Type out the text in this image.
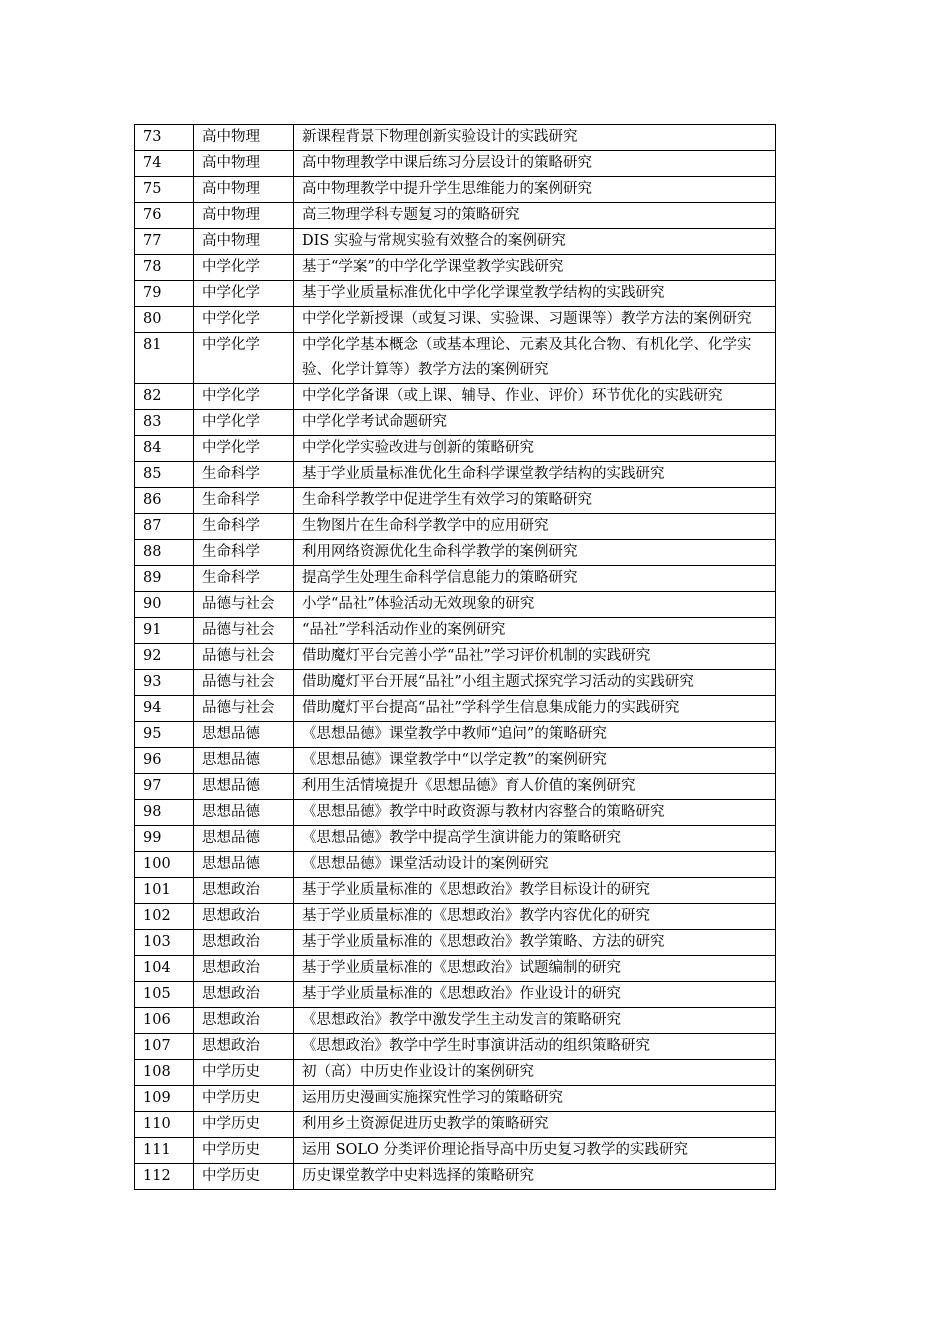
73	高中物理	新课程背景下物理创新实验设计的实践研究
74	高中物理	高中物理教学中课后练习分层设计的策略研究
75	高中物理	高中物理教学中提升学生思维能力的案例研究
76	高中物理	高三物理学科专题复习的策略研究
77	高中物理	DIS 实验与常规实验有效整合的案例研究
78	中学化学	基于“学案”的中学化学课堂教学实践研究
79	中学化学	基于学业质量标准优化中学化学课堂教学结构的实践研究
80	中学化学	中学化学新授课（或复习课、实验课、习题课等）教学方法的案例研究
81	中学化学	中学化学基本概念（或基本理论、元素及其化合物、有机化学、化学实验、化学计算等）教学方法的案例研究
82	中学化学	中学化学备课（或上课、辅导、作业、评价）环节优化的实践研究
83	中学化学	中学化学考试命题研究
84	中学化学	中学化学实验改进与创新的策略研究
85	生命科学	基于学业质量标准优化生命科学课堂教学结构的实践研究
86	生命科学	生命科学教学中促进学生有效学习的策略研究
87	生命科学	生物图片在生命科学教学中的应用研究
88	生命科学	利用网络资源优化生命科学教学的案例研究
89	生命科学	提高学生处理生命科学信息能力的策略研究
90	品德与社会	小学“品社”体验活动无效现象的研究
91	品德与社会	“品社”学科活动作业的案例研究
92	品德与社会	借助魔灯平台完善小学“品社”学习评价机制的实践研究
93	品德与社会	借助魔灯平台开展“品社”小组主题式探究学习活动的实践研究
94	品德与社会	借助魔灯平台提高“品社”学科学生信息集成能力的实践研究
95	思想品德	《思想品德》课堂教学中教师“追问”的策略研究
96	思想品德	《思想品德》课堂教学中“以学定教”的案例研究
97	思想品德	利用生活情境提升《思想品德》育人价值的案例研究
98	思想品德	《思想品德》教学中时政资源与教材内容整合的策略研究
99	思想品德	《思想品德》教学中提高学生演讲能力的策略研究
100	思想品德	《思想品德》课堂活动设计的案例研究
101	思想政治	基于学业质量标准的《思想政治》教学目标设计的研究
102	思想政治	基于学业质量标准的《思想政治》教学内容优化的研究
103	思想政治	基于学业质量标准的《思想政治》教学策略、方法的研究
104	思想政治	基于学业质量标准的《思想政治》试题编制的研究
105	思想政治	基于学业质量标准的《思想政治》作业设计的研究
106	思想政治	《思想政治》教学中激发学生主动发言的策略研究
107	思想政治	《思想政治》教学中学生时事演讲活动的组织策略研究
108	中学历史	初（高）中历史作业设计的案例研究
109	中学历史	运用历史漫画实施探究性学习的策略研究
110	中学历史	利用乡土资源促进历史教学的策略研究
111	中学历史	运用 SOLO 分类评价理论指导高中历史复习教学的实践研究
112	中学历史	历史课堂教学中史料选择的策略研究
